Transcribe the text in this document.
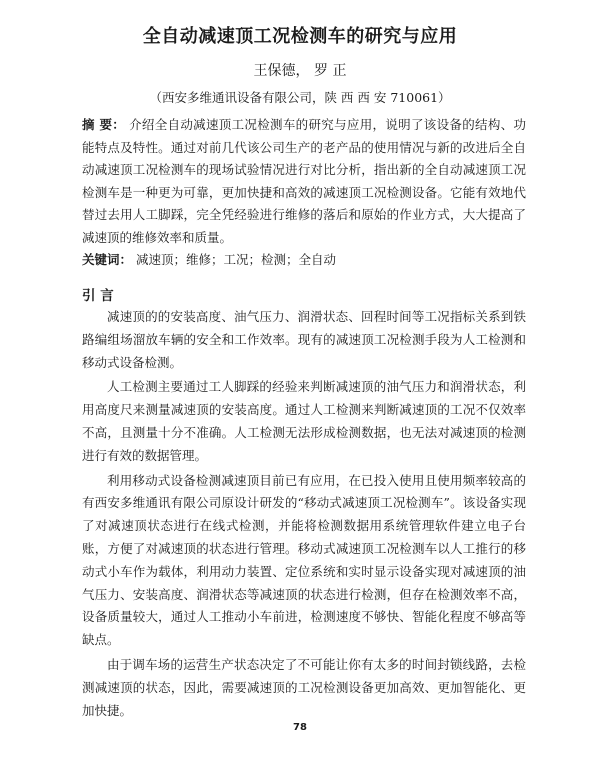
全自动减速顶工况检测车的研究与应用
王保德， 罗 正
（西安多维通讯设备有限公司，陕 西 西 安 710061）
摘 要： 介绍全自动减速顶工况检测车的研究与应用，说明了该设备的结构、功能特点及特性。通过对前几代该公司生产的老产品的使用情况与新的改进后全自动减速顶工况检测车的现场试验情况进行对比分析，指出新的全自动减速顶工况检测车是一种更为可靠，更加快捷和高效的减速顶工况检测设备。它能有效地代替过去用人工脚踩，完全凭经验进行维修的落后和原始的作业方式，大大提高了减速顶的维修效率和质量。
关键词： 减速顶；维修；工况；检测；全自动
引 言

减速顶的的安装高度、油气压力、润滑状态、回程时间等工况指标关系到铁路编组场溜放车辆的安全和工作效率。现有的减速顶工况检测手段为人工检测和移动式设备检测。

人工检测主要通过工人脚踩的经验来判断减速顶的油气压力和润滑状态，利用高度尺来测量减速顶的安装高度。通过人工检测来判断减速顶的工况不仅效率不高，且测量十分不准确。人工检测无法形成检测数据，也无法对减速顶的检测进行有效的数据管理。

利用移动式设备检测减速顶目前已有应用，在已投入使用且使用频率较高的有西安多维通讯有限公司原设计研发的“移动式减速顶工况检测车”。该设备实现了对减速顶状态进行在线式检测，并能将检测数据用系统管理软件建立电子台账，方便了对减速顶的状态进行管理。移动式减速顶工况检测车以人工推行的移动式小车作为载体，利用动力装置、定位系统和实时显示设备实现对减速顶的油气压力、安装高度、润滑状态等减速顶的状态进行检测，但存在检测效率不高，设备质量较大，通过人工推动小车前进，检测速度不够快、智能化程度不够高等缺点。

由于调车场的运营生产状态决定了不可能让你有太多的时间封锁线路，去检测减速顶的状态，因此，需要减速顶的工况检测设备更加高效、更加智能化、更加快捷。

78
